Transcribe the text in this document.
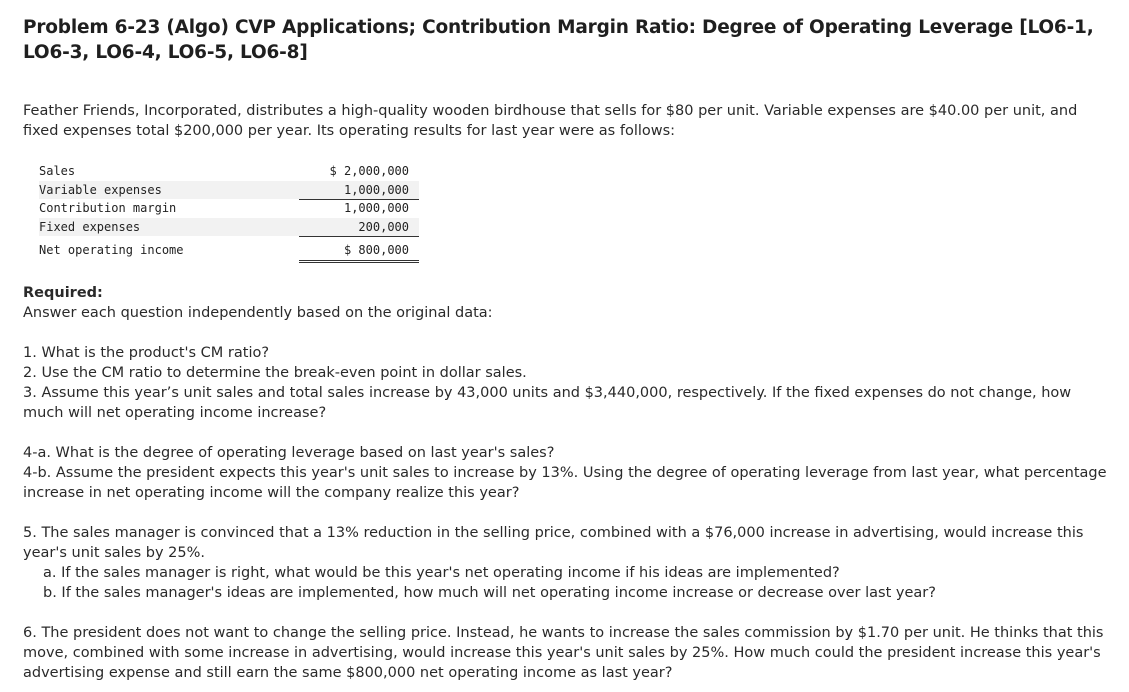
Problem 6-23 (Algo) CVP Applications; Contribution Margin Ratio: Degree of Operating Leverage [LO6-1, LO6-3, LO6-4, LO6-5, LO6-8]
Feather Friends, Incorporated, distributes a high-quality wooden birdhouse that sells for $80 per unit. Variable expenses are $40.00 per unit, and fixed expenses total $200,000 per year. Its operating results for last year were as follows:
Sales	$ 2,000,000
Variable expenses	1,000,000
Contribution margin	1,000,000
Fixed expenses	200,000
Net operating income	$ 800,000
Required:
Answer each question independently based on the original data:

1. What is the product's CM ratio?

2. Use the CM ratio to determine the break-even point in dollar sales.

3. Assume this year’s unit sales and total sales increase by 43,000 units and $3,440,000, respectively. If the fixed expenses do not change, how much will net operating income increase?

4-a. What is the degree of operating leverage based on last year's sales?

4-b. Assume the president expects this year's unit sales to increase by 13%. Using the degree of operating leverage from last year, what percentage increase in net operating income will the company realize this year?

5. The sales manager is convinced that a 13% reduction in the selling price, combined with a $76,000 increase in advertising, would increase this year's unit sales by 25%.

a. If the sales manager is right, what would be this year's net operating income if his ideas are implemented?

b. If the sales manager's ideas are implemented, how much will net operating income increase or decrease over last year?

6. The president does not want to change the selling price. Instead, he wants to increase the sales commission by $1.70 per unit. He thinks that this move, combined with some increase in advertising, would increase this year's unit sales by 25%. How much could the president increase this year's advertising expense and still earn the same $800,000 net operating income as last year?
